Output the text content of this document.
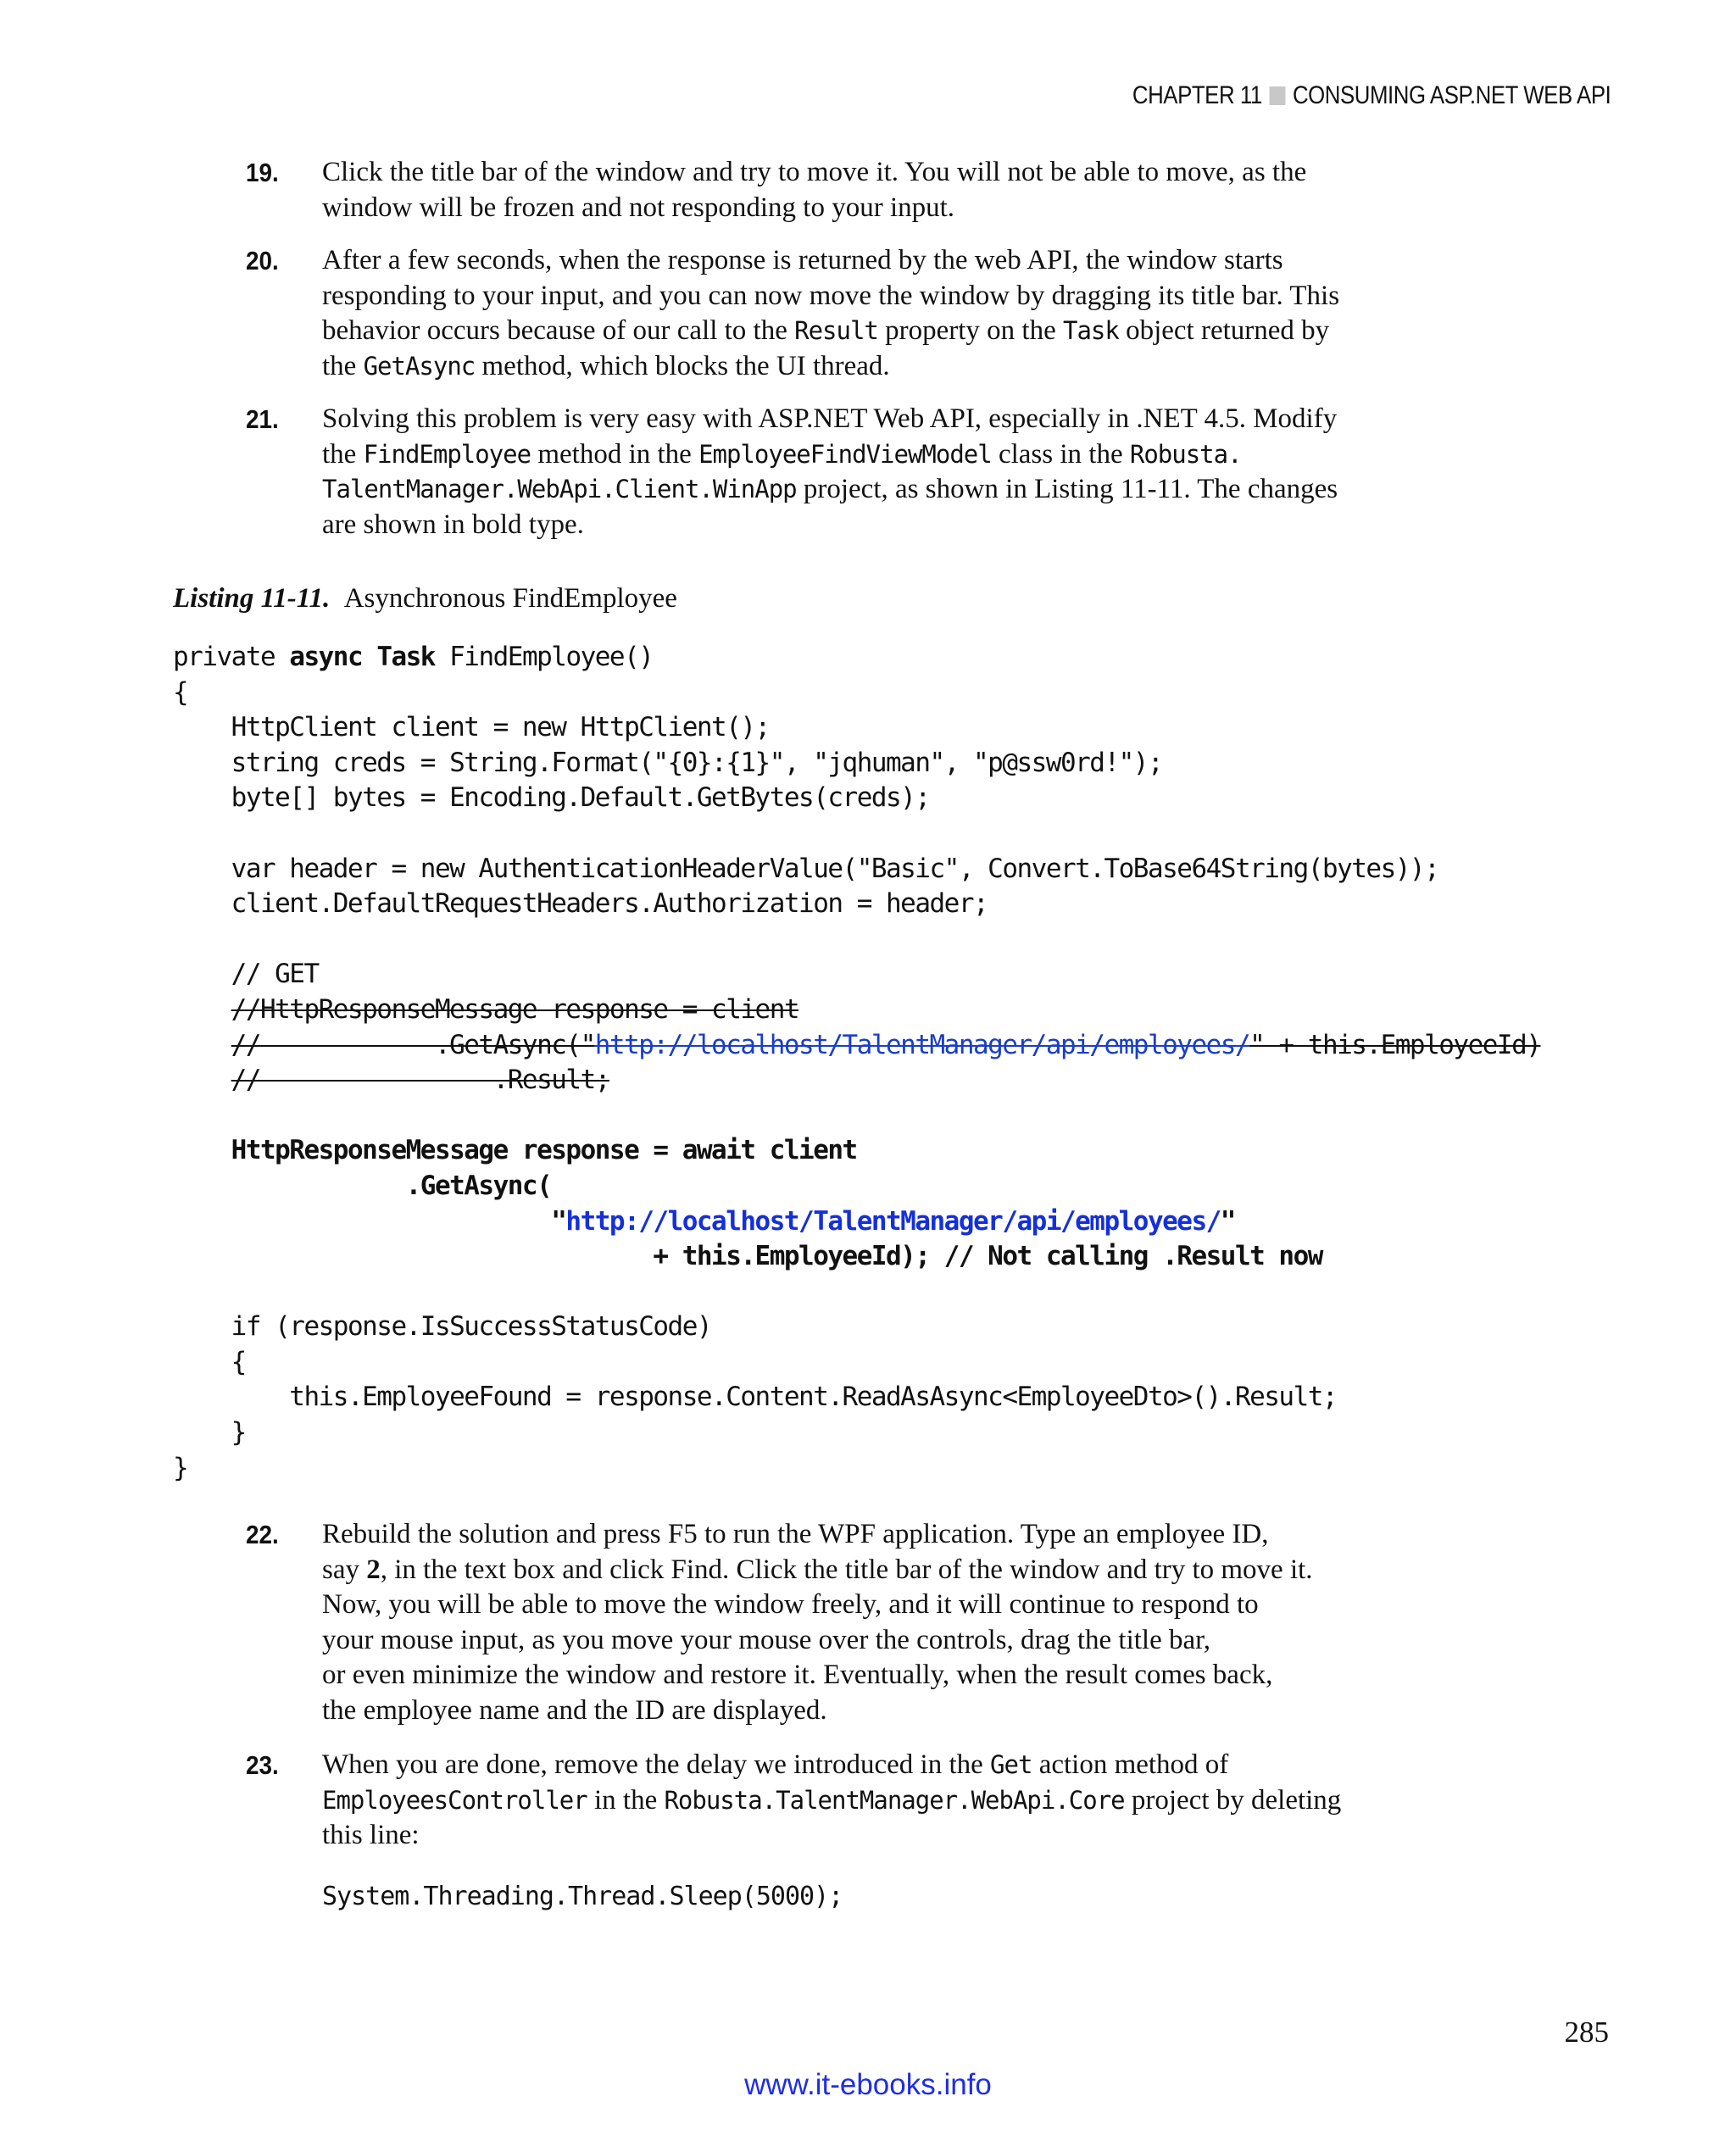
CHAPTER 11 CONSUMING ASP.NET WEB API
19. Click the title bar of the window and try to move it. You will not be able to move, as the
window will be frozen and not responding to your input.
20. After a few seconds, when the response is returned by the web API, the window starts
responding to your input, and you can now move the window by dragging its title bar. This
behavior occurs because of our call to the Result property on the Task object returned by
the GetAsync method, which blocks the UI thread.
21. Solving this problem is very easy with ASP.NET Web API, especially in .NET 4.5. Modify
the FindEmployee method in the EmployeeFindViewModel class in the Robusta.
TalentManager.WebApi.Client.WinApp project, as shown in Listing 11-11. The changes
are shown in bold type.
Listing 11-11. Asynchronous FindEmployee
private async Task FindEmployee()
{
HttpClient client = new HttpClient();
string creds = String.Format("{0}:{1}", "jqhuman", "p@ssw0rd!");
byte[] bytes = Encoding.Default.GetBytes(creds);
var header = new AuthenticationHeaderValue("Basic", Convert.ToBase64String(bytes));
client.DefaultRequestHeaders.Authorization = header;
// GET
//HttpResponseMessage response = client
//            .GetAsync("http://localhost/TalentManager/api/employees/" + this.EmployeeId)
//                .Result;
HttpResponseMessage response = await client
.GetAsync(
"http://localhost/TalentManager/api/employees/"
+ this.EmployeeId); // Not calling .Result now
if (response.IsSuccessStatusCode)
{
this.EmployeeFound = response.Content.ReadAsAsync<EmployeeDto>().Result;
}
}
22. Rebuild the solution and press F5 to run the WPF application. Type an employee ID,
say 2, in the text box and click Find. Click the title bar of the window and try to move it.
Now, you will be able to move the window freely, and it will continue to respond to
your mouse input, as you move your mouse over the controls, drag the title bar,
or even minimize the window and restore it. Eventually, when the result comes back,
the employee name and the ID are displayed.
23. When you are done, remove the delay we introduced in the Get action method of
EmployeesController in the Robusta.TalentManager.WebApi.Core project by deleting
this line:
System.Threading.Thread.Sleep(5000);
285
www.it-ebooks.info
